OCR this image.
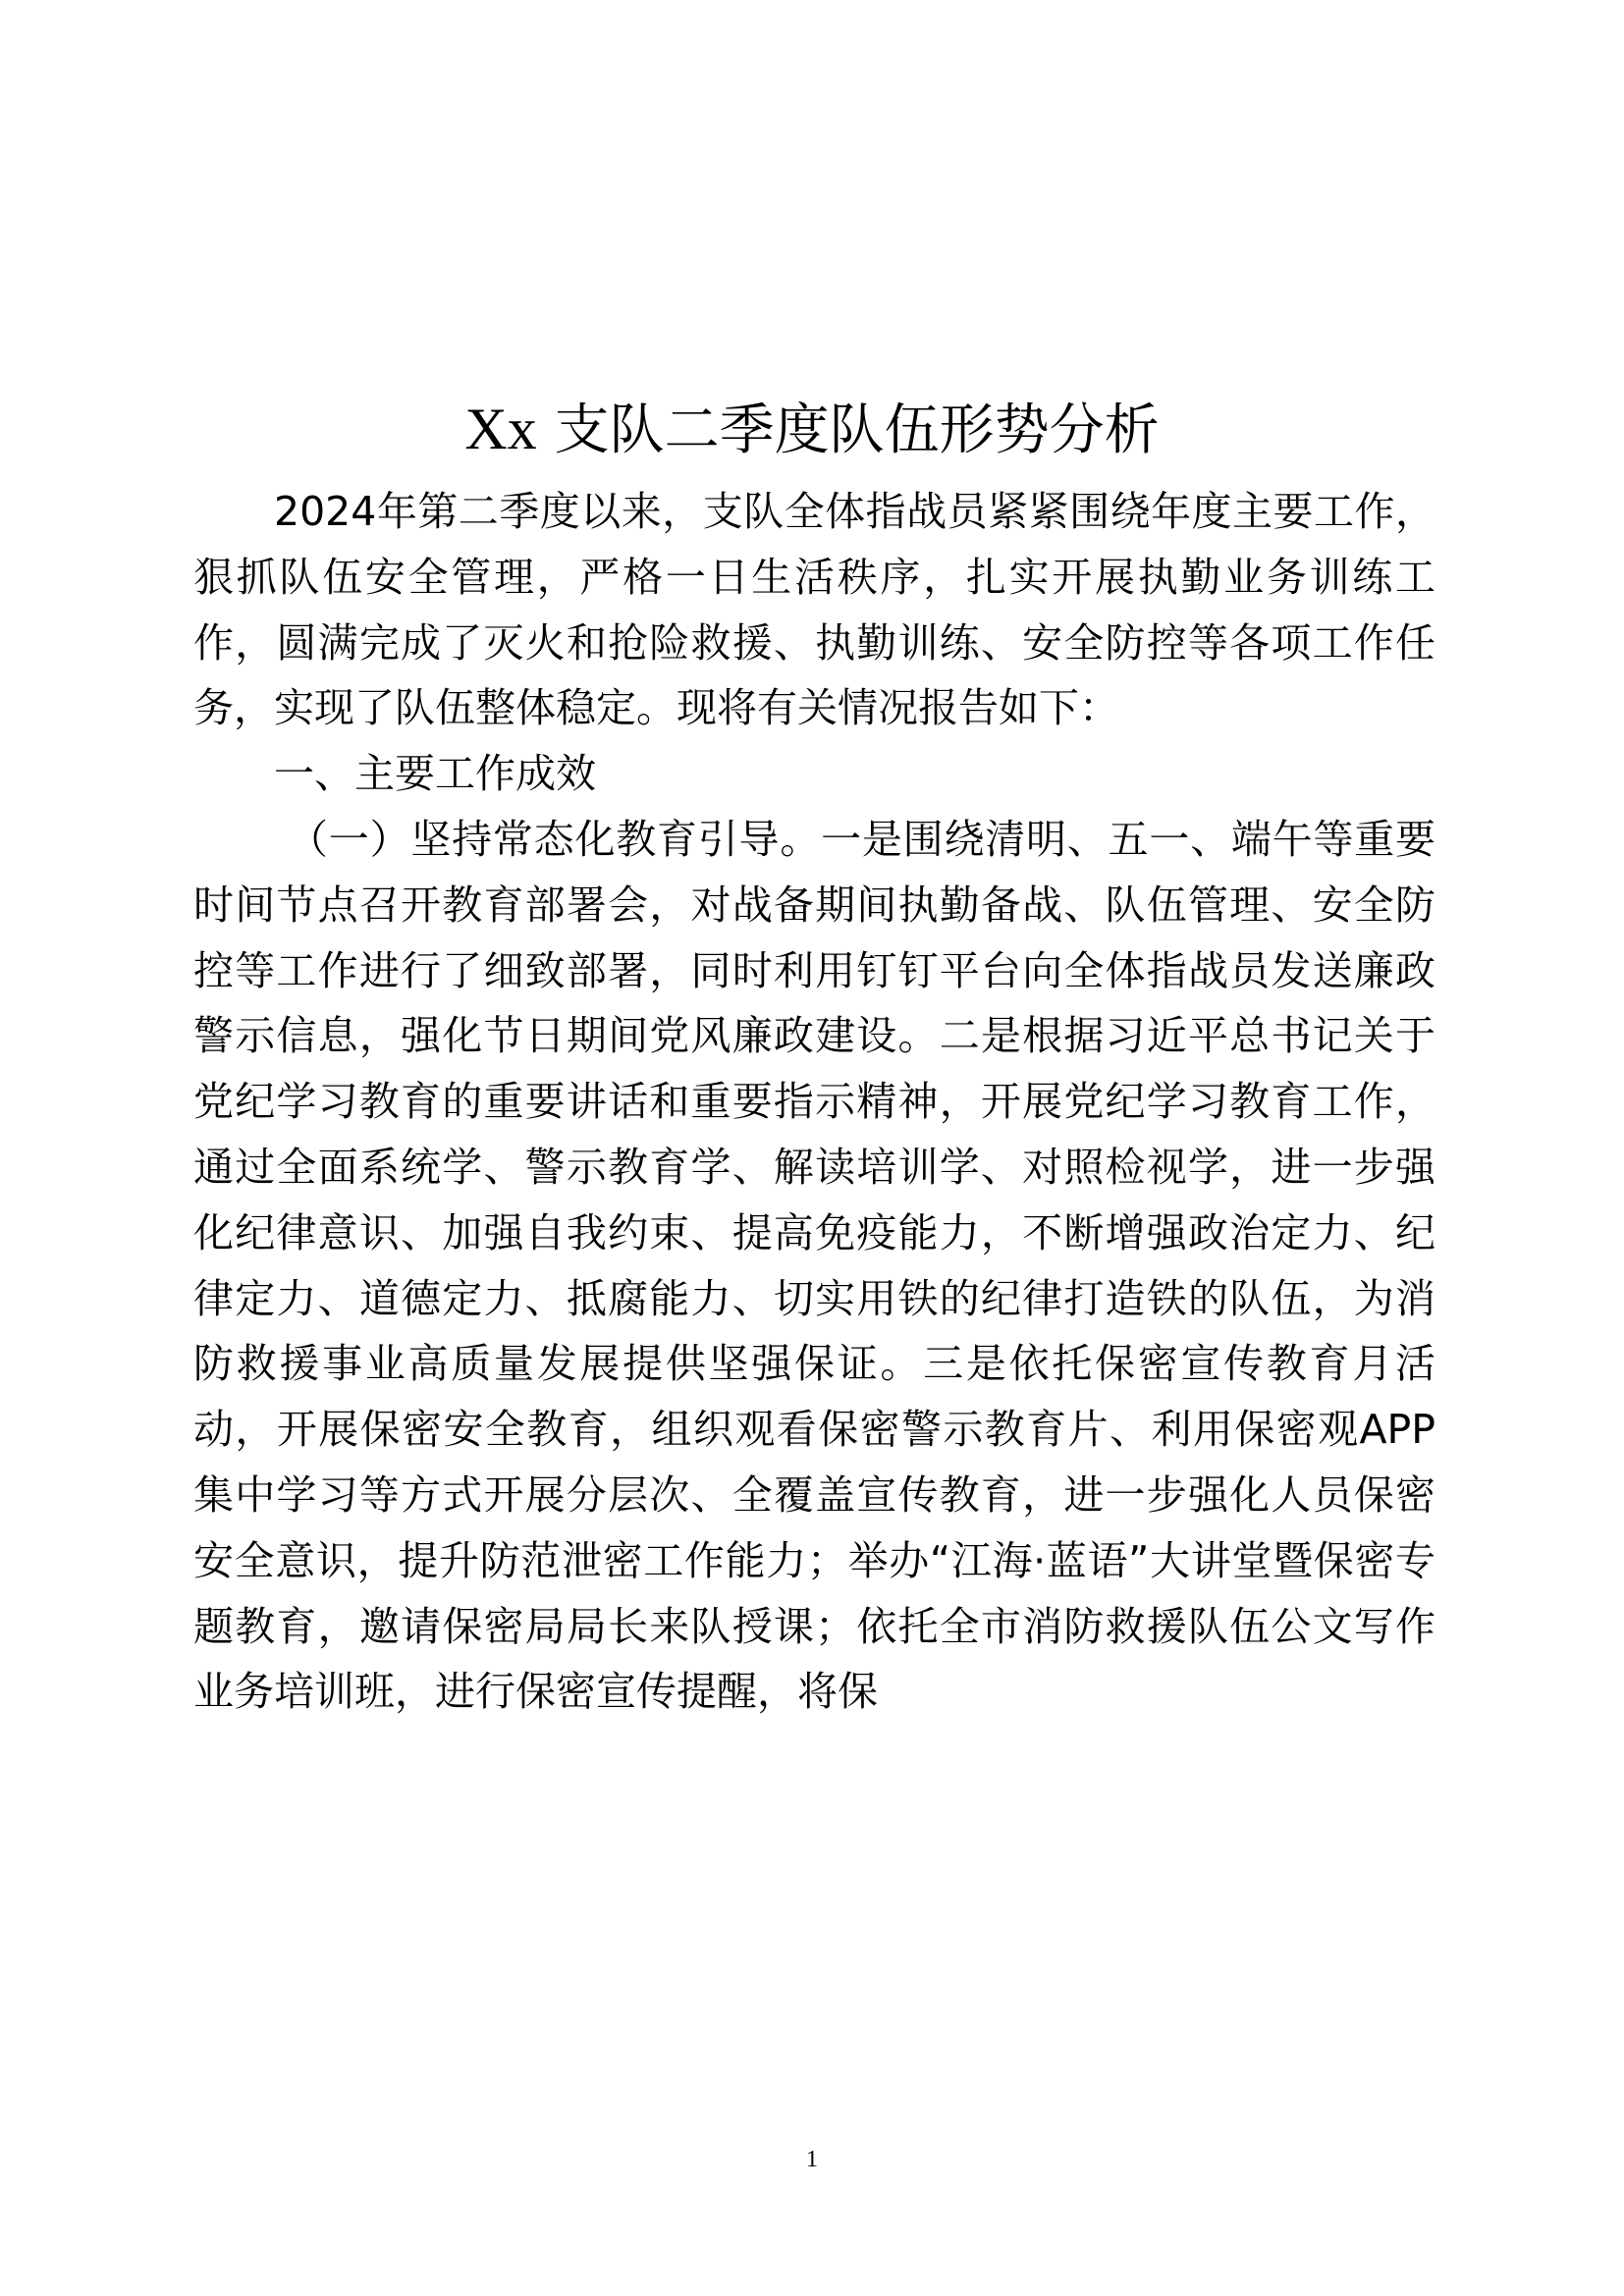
Xx 支队二季度队伍形势分析

2024年第二季度以来，支队全体指战员紧紧围绕年度主要工作，狠抓队伍安全管理，严格一日生活秩序，扎实开展执勤业务训练工作，圆满完成了灭火和抢险救援、执勤训练、安全防控等各项工作任务，实现了队伍整体稳定。现将有关情况报告如下：

一、主要工作成效

（一）坚持常态化教育引导。一是围绕清明、五一、端午等重要时间节点召开教育部署会，对战备期间执勤备战、队伍管理、安全防控等工作进行了细致部署，同时利用钉钉平台向全体指战员发送廉政警示信息，强化节日期间党风廉政建设。二是根据习近平总书记关于党纪学习教育的重要讲话和重要指示精神，开展党纪学习教育工作，通过全面系统学、警示教育学、解读培训学、对照检视学，进一步强化纪律意识、加强自我约束、提高免疫能力，不断增强政治定力、纪律定力、道德定力、抵腐能力、切实用铁的纪律打造铁的队伍，为消防救援事业高质量发展提供坚强保证。三是依托保密宣传教育月活动，开展保密安全教育，组织观看保密警示教育片、利用保密观APP集中学习等方式开展分层次、全覆盖宣传教育，进一步强化人员保密安全意识，提升防范泄密工作能力；举办“江海·蓝语”大讲堂暨保密专题教育，邀请保密局局长来队授课；依托全市消防救援队伍公文写作业务培训班，进行保密宣传提醒，将保

1
